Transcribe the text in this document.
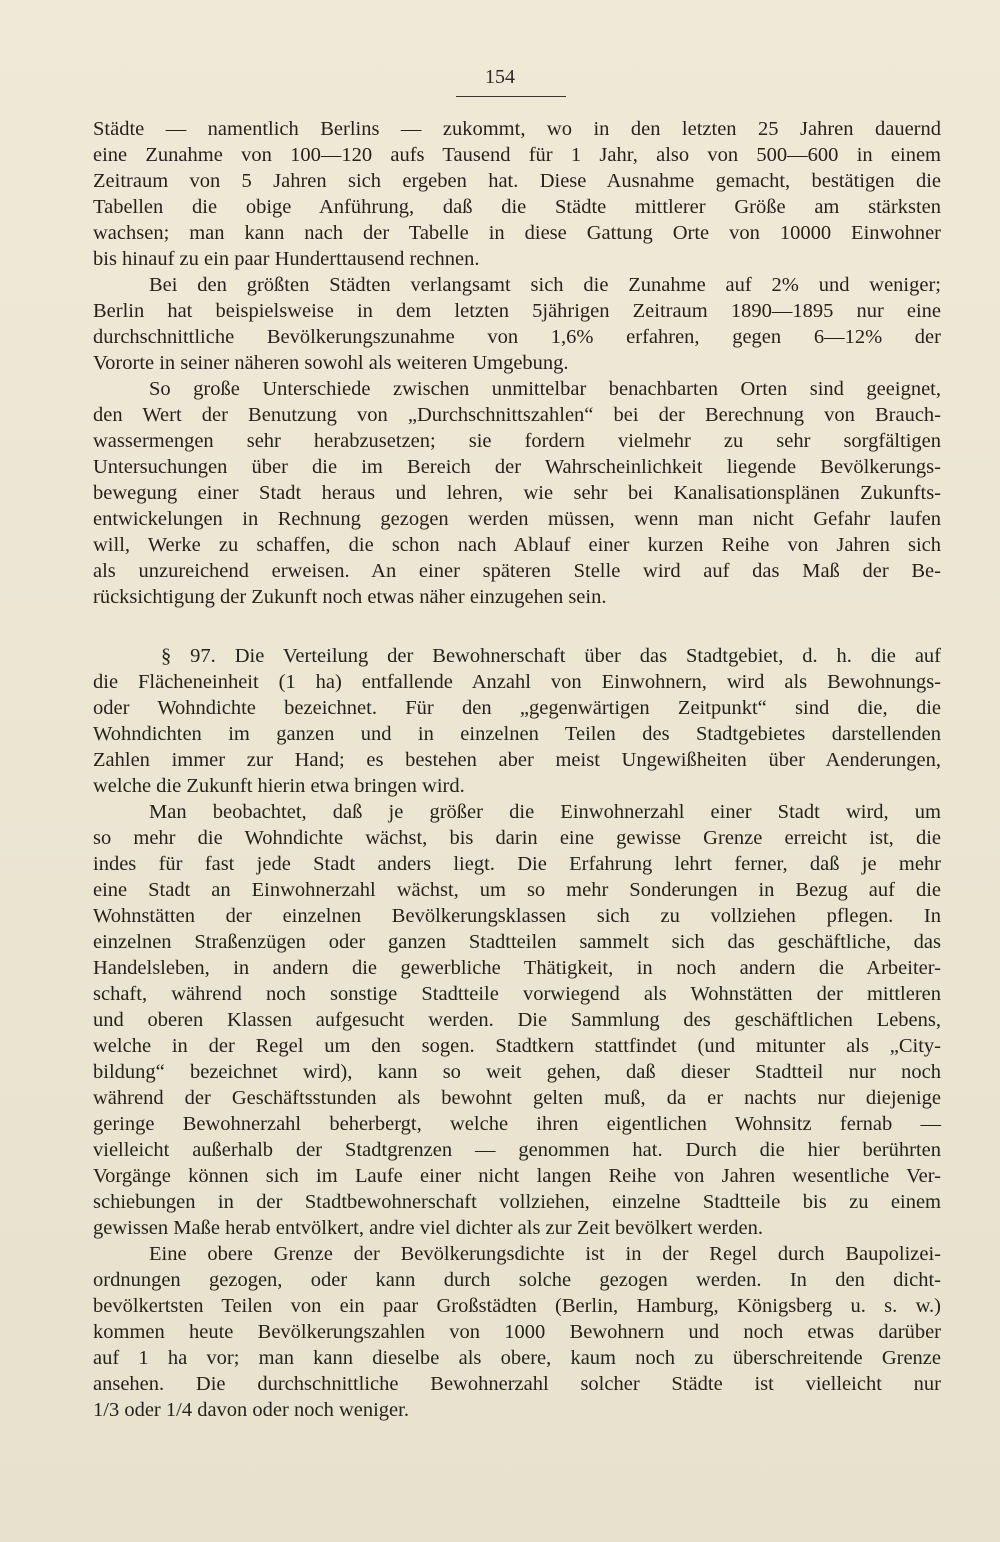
154
Städte — namentlich Berlins — zukommt, wo in den letzten 25 Jahren dauernd
eine Zunahme von 100—120 aufs Tausend für 1 Jahr, also von 500—600 in einem
Zeitraum von 5 Jahren sich ergeben hat. Diese Ausnahme gemacht, bestätigen die
Tabellen die obige Anführung, daß die Städte mittlerer Größe am stärksten
wachsen; man kann nach der Tabelle in diese Gattung Orte von 10000 Einwohner
bis hinauf zu ein paar Hunderttausend rechnen.
Bei den größten Städten verlangsamt sich die Zunahme auf 2% und weniger;
Berlin hat beispielsweise in dem letzten 5jährigen Zeitraum 1890—1895 nur eine
durchschnittliche Bevölkerungszunahme von 1,6% erfahren, gegen 6—12% der
Vororte in seiner näheren sowohl als weiteren Umgebung.
So große Unterschiede zwischen unmittelbar benachbarten Orten sind geeignet,
den Wert der Benutzung von „Durchschnittszahlen“ bei der Berechnung von Brauch-
wassermengen sehr herabzusetzen; sie fordern vielmehr zu sehr sorgfältigen
Untersuchungen über die im Bereich der Wahrscheinlichkeit liegende Bevölkerungs-
bewegung einer Stadt heraus und lehren, wie sehr bei Kanalisationsplänen Zukunfts-
entwickelungen in Rechnung gezogen werden müssen, wenn man nicht Gefahr laufen
will, Werke zu schaffen, die schon nach Ablauf einer kurzen Reihe von Jahren sich
als unzureichend erweisen. An einer späteren Stelle wird auf das Maß der Be-
rücksichtigung der Zukunft noch etwas näher einzugehen sein.
§ 97. Die Verteilung der Bewohnerschaft über das Stadtgebiet, d. h. die auf
die Flächeneinheit (1 ha) entfallende Anzahl von Einwohnern, wird als Bewohnungs-
oder Wohndichte bezeichnet. Für den „gegenwärtigen Zeitpunkt“ sind die, die
Wohndichten im ganzen und in einzelnen Teilen des Stadtgebietes darstellenden
Zahlen immer zur Hand; es bestehen aber meist Ungewißheiten über Aenderungen,
welche die Zukunft hierin etwa bringen wird.
Man beobachtet, daß je größer die Einwohnerzahl einer Stadt wird, um
so mehr die Wohndichte wächst, bis darin eine gewisse Grenze erreicht ist, die
indes für fast jede Stadt anders liegt. Die Erfahrung lehrt ferner, daß je mehr
eine Stadt an Einwohnerzahl wächst, um so mehr Sonderungen in Bezug auf die
Wohnstätten der einzelnen Bevölkerungsklassen sich zu vollziehen pflegen. In
einzelnen Straßenzügen oder ganzen Stadtteilen sammelt sich das geschäftliche, das
Handelsleben, in andern die gewerbliche Thätigkeit, in noch andern die Arbeiter-
schaft, während noch sonstige Stadtteile vorwiegend als Wohnstätten der mittleren
und oberen Klassen aufgesucht werden. Die Sammlung des geschäftlichen Lebens,
welche in der Regel um den sogen. Stadtkern stattfindet (und mitunter als „City-
bildung“ bezeichnet wird), kann so weit gehen, daß dieser Stadtteil nur noch
während der Geschäftsstunden als bewohnt gelten muß, da er nachts nur diejenige
geringe Bewohnerzahl beherbergt, welche ihren eigentlichen Wohnsitz fernab —
vielleicht außerhalb der Stadtgrenzen — genommen hat. Durch die hier berührten
Vorgänge können sich im Laufe einer nicht langen Reihe von Jahren wesentliche Ver-
schiebungen in der Stadtbewohnerschaft vollziehen, einzelne Stadtteile bis zu einem
gewissen Maße herab entvölkert, andre viel dichter als zur Zeit bevölkert werden.
Eine obere Grenze der Bevölkerungsdichte ist in der Regel durch Baupolizei-
ordnungen gezogen, oder kann durch solche gezogen werden. In den dicht-
bevölkertsten Teilen von ein paar Großstädten (Berlin, Hamburg, Königsberg u. s. w.)
kommen heute Bevölkerungszahlen von 1000 Bewohnern und noch etwas darüber
auf 1 ha vor; man kann dieselbe als obere, kaum noch zu überschreitende Grenze
ansehen. Die durchschnittliche Bewohnerzahl solcher Städte ist vielleicht nur
1/3 oder 1/4 davon oder noch weniger.
